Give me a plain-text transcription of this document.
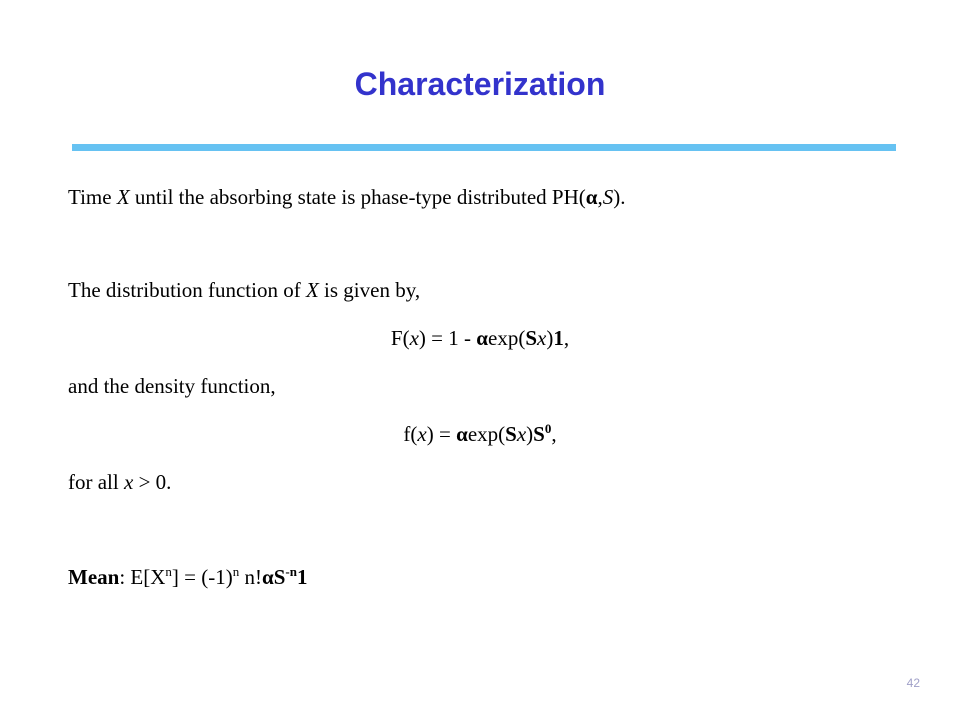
Characterization
Time X until the absorbing state is phase-type distributed PH(α,S).
The distribution function of X is given by,
F(x) = 1 - αexp(Sx)1,
and the density function,
$f(x) = \alpha\exp(Sx)S^0$,
for all x > 0.
Mean: $E[X^n] = (-1)^n$ $n!\alpha S^{-n}1$
42
